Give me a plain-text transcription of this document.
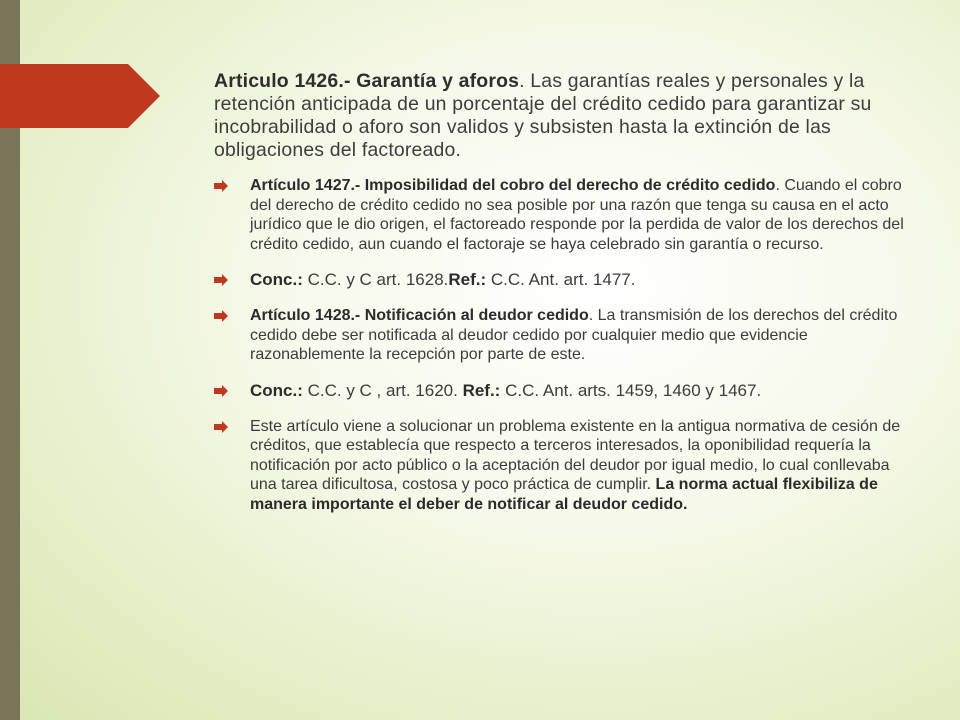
Articulo 1426.- Garantía y aforos. Las garantías reales y personales y la retención anticipada de un porcentaje del crédito cedido para garantizar su incobrabilidad o aforo son validos y subsisten hasta la extinción de las obligaciones del factoreado.

Artículo 1427.- Imposibilidad del cobro del derecho de crédito cedido. Cuando el cobro del derecho de crédito cedido no sea posible por una razón que tenga su causa en el acto jurídico que le dio origen, el factoreado responde por la perdida de valor de los derechos del crédito cedido, aun cuando el factoraje se haya celebrado sin garantía o recurso.
Conc.: C.C. y C art. 1628.Ref.: C.C. Ant. art. 1477.
Artículo 1428.- Notificación al deudor cedido. La transmisión de los derechos del crédito cedido debe ser notificada al deudor cedido por cualquier medio que evidencie razonablemente la recepción por parte de este.
Conc.: C.C. y C , art. 1620. Ref.: C.C. Ant. arts. 1459, 1460 y 1467.
Este artículo viene a solucionar un problema existente en la antigua normativa de cesión de créditos, que establecía que respecto a terceros interesados, la oponibilidad requería la notificación por acto público o la aceptación del deudor por igual medio, lo cual conllevaba una tarea dificultosa, costosa y poco práctica de cumplir. La norma actual flexibiliza de manera importante el deber de notificar al deudor cedido.
